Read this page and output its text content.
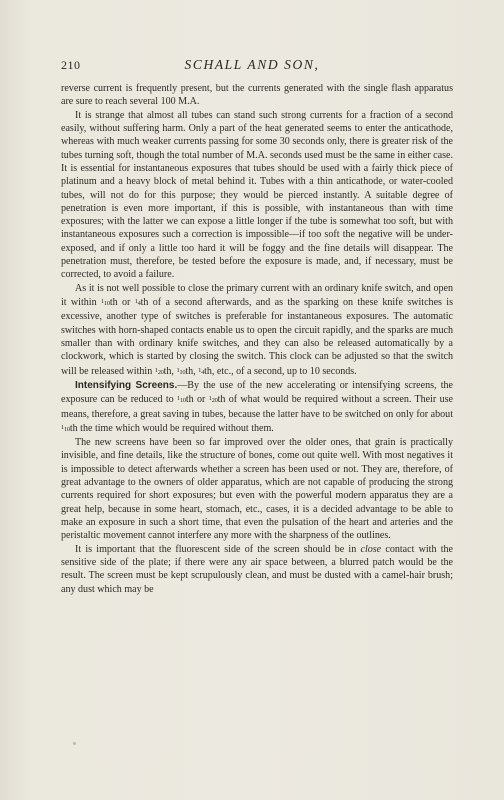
210	SCHALL AND SON,

reverse current is frequently present, but the currents generated with the single flash apparatus are sure to reach several 100 M.A.

It is strange that almost all tubes can stand such strong currents for a fraction of a second easily, without suffering harm. Only a part of the heat generated seems to enter the anticathode, whereas with much weaker currents passing for some 30 seconds only, there is greater risk of the tubes turning soft, though the total number of M.A. seconds used must be the same in either case. It is essential for instantaneous exposures that tubes should be used with a fairly thick piece of platinum and a heavy block of metal behind it. Tubes with a thin anticathode, or water-cooled tubes, will not do for this purpose; they would be pierced instantly. A suitable degree of penetration is even more important, if this is possible, with instantaneous than with time exposures; with the latter we can expose a little longer if the tube is somewhat too soft, but with instantaneous exposures such a correction is impossible—if too soft the negative will be under-exposed, and if only a little too hard it will be foggy and the fine details will disappear. The penetration must, therefore, be tested before the exposure is made, and, if necessary, must be corrected, to avoid a failure.

As it is not well possible to close the primary current with an ordinary knife switch, and open it within $1_{10}th$ or $1_4th$ of a second afterwards, and as the sparking on these knife switches is excessive, another type of switches is preferable for instantaneous exposures. The automatic switches with horn-shaped contacts enable us to open the circuit rapidly, and the sparks are much smaller than with ordinary knife switches, and they can also be released automatically by a clockwork, which is started by closing the switch. This clock can be adjusted so that the switch will be released within $1_{20}th$, $1_{10}th$, $1_4th$, etc., of a second, up to 10 seconds.

Intensifying Screens.—By the use of the new accelerating or intensifying screens, the exposure can be reduced to $1_{10}th$ or $1_{20}th$ of what would be required without a screen. Their use means, therefore, a great saving in tubes, because the latter have to be switched on only for about $1_{10}th$ the time which would be required without them.

The new screens have been so far improved over the older ones, that grain is practically invisible, and fine details, like the structure of bones, come out quite well. With most negatives it is impossible to detect afterwards whether a screen has been used or not. They are, therefore, of great advantage to the owners of older apparatus, which are not capable of producing the strong currents required for short exposures; but even with the powerful modern apparatus they are a great help, because in some heart, stomach, etc., cases, it is a decided advantage to be able to make an exposure in such a short time, that even the pulsation of the heart and arteries and the peristaltic movement cannot interfere any more with the sharpness of the outlines.

It is important that the fluorescent side of the screen should be in close contact with the sensitive side of the plate; if there were any air space between, a blurred patch would be the result. The screen must be kept scrupulously clean, and must be dusted with a camel-hair brush; any dust which may be
